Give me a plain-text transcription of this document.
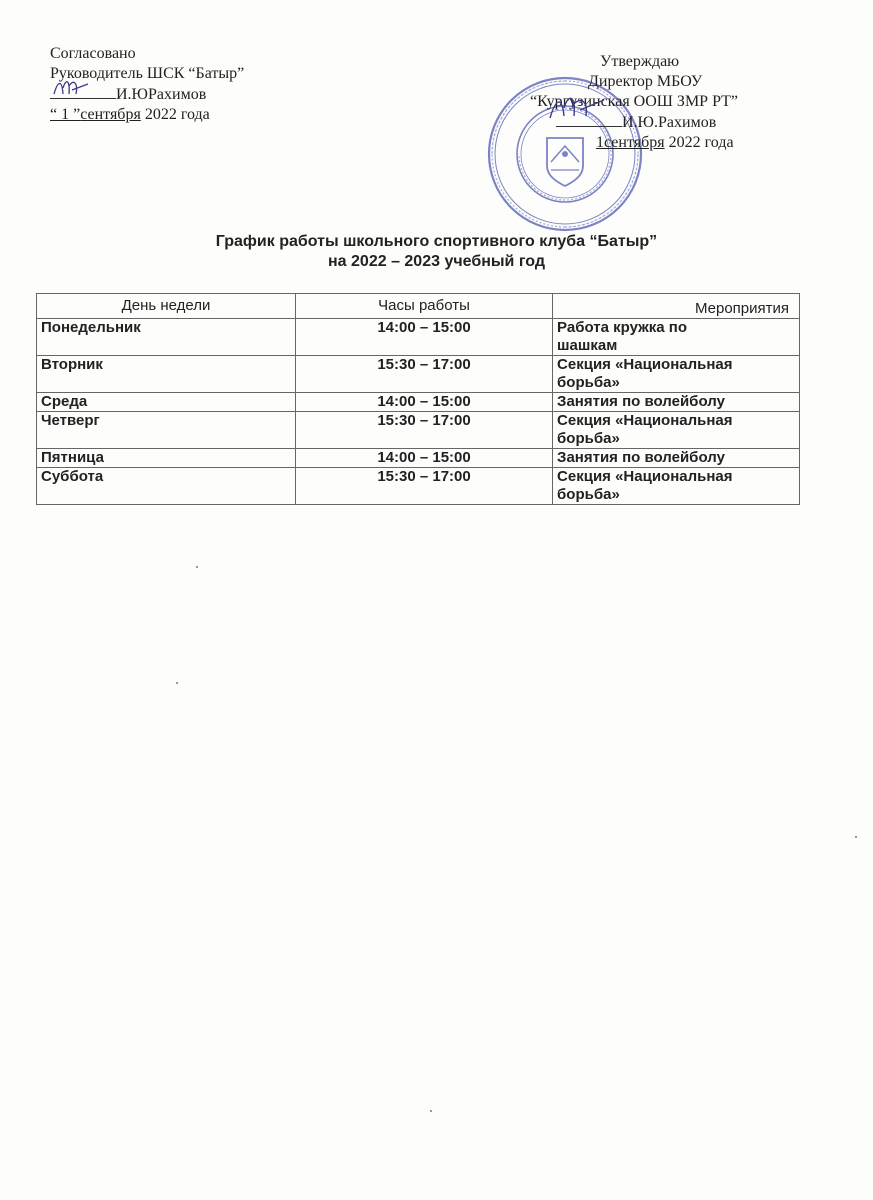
Согласовано
Руководитель ШСК “Батыр”
И.ЮРахимов
“ 1 ”сентября 2022 года
Утверждаю
Директор МБОУ
“Кургузинская ООШ ЗМР РТ”
И.Ю.Рахимов
1сентября 2022 года
График работы школьного спортивного клуба “Батыр”
на 2022 – 2023 учебный год
День недели	Часы работы	Мероприятия
Понедельник	14:00 – 15:00	Работа кружка по
шашкам

Вторник	15:30 – 17:00	Секция «Национальная
борьба»

Среда	14:00 – 15:00	Занятия по волейболу

Четверг	15:30 – 17:00	Секция «Национальная
борьба»

Пятница	14:00 – 15:00	Занятия по волейболу

Суббота	15:30 – 17:00	Секция «Национальная
борьба»
